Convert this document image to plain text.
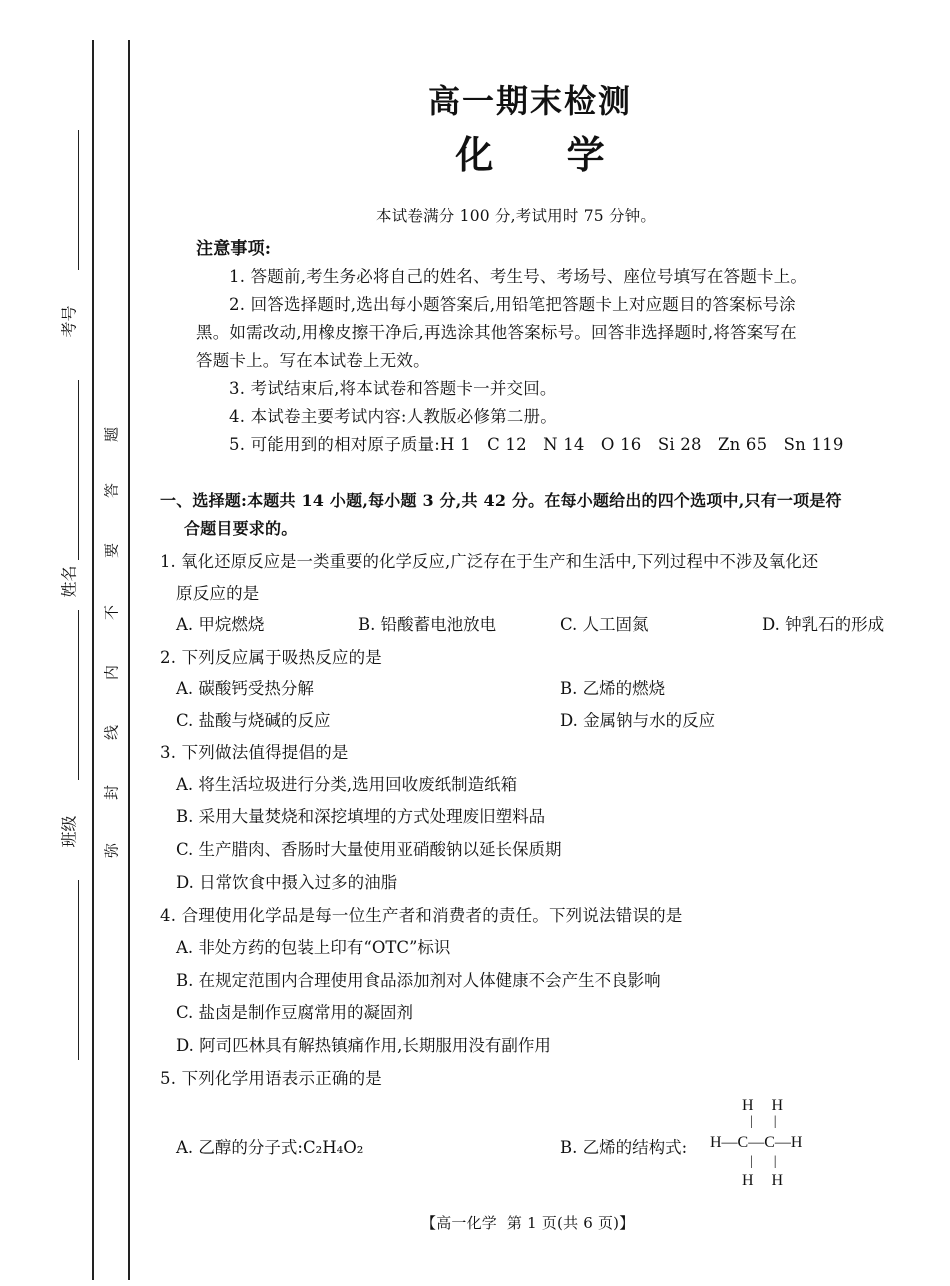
考号
姓名
班级
题
答
要
不
内
线
封
弥
高一期末检测
化 学
本试卷满分 100 分,考试用时 75 分钟。
注意事项:
1. 答题前,考生务必将自己的姓名、考生号、考场号、座位号填写在答题卡上。
2. 回答选择题时,选出每小题答案后,用铅笔把答题卡上对应题目的答案标号涂
黑。如需改动,用橡皮擦干净后,再选涂其他答案标号。回答非选择题时,将答案写在
答题卡上。写在本试卷上无效。
3. 考试结束后,将本试卷和答题卡一并交回。
4. 本试卷主要考试内容:人教版必修第二册。
5. 可能用到的相对原子质量:H 1   C 12   N 14   O 16   Si 28   Zn 65   Sn 119
一、选择题:本题共 14 小题,每小题 3 分,共 42 分。在每小题给出的四个选项中,只有一项是符
合题目要求的。
1. 氧化还原反应是一类重要的化学反应,广泛存在于生产和生活中,下列过程中不涉及氧化还
原反应的是
A. 甲烷燃烧	B. 铅酸蓄电池放电	C. 人工固氮	D. 钟乳石的形成
2. 下列反应属于吸热反应的是
A. 碳酸钙受热分解	B. 乙烯的燃烧
C. 盐酸与烧碱的反应	D. 金属钠与水的反应
3. 下列做法值得提倡的是
A. 将生活垃圾进行分类,选用回收废纸制造纸箱
B. 采用大量焚烧和深挖填埋的方式处理废旧塑料品
C. 生产腊肉、香肠时大量使用亚硝酸钠以延长保质期
D. 日常饮食中摄入过多的油脂
4. 合理使用化学品是每一位生产者和消费者的责任。下列说法错误的是
A. 非处方药的包装上印有“OTC”标识
B. 在规定范围内合理使用食品添加剂对人体健康不会产生不良影响
C. 盐卤是制作豆腐常用的凝固剂
D. 阿司匹林具有解热镇痛作用,长期服用没有副作用
5. 下列化学用语表示正确的是
A. 乙醇的分子式:C₂H₄O₂	B. 乙烯的结构式:
H H
|      |
H—C—C—H
|      |
H H
【高一化学  第 1 页(共 6 页)】
